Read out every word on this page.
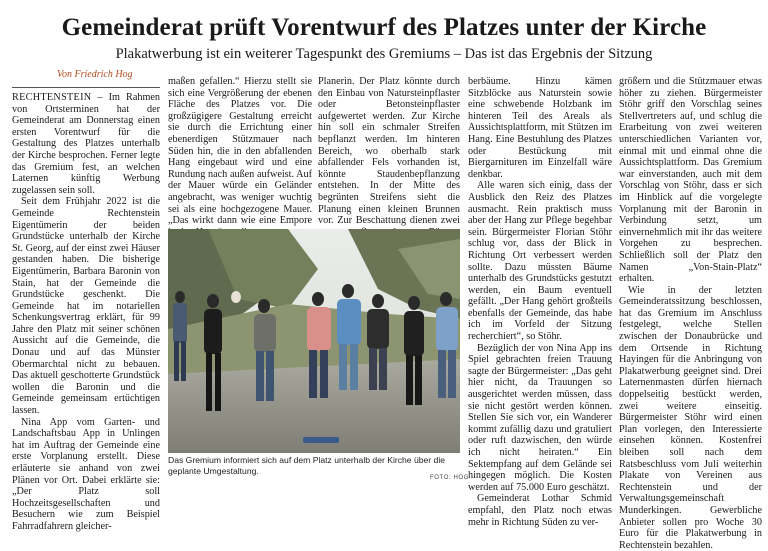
Gemeinderat prüft Vorentwurf des Platzes unter der Kirche
Plakatwerbung ist ein weiterer Tagespunkt des Gremiums – Das ist das Ergebnis der Sitzung
Von Friedrich Hog

RECHTENSTEIN – Im Rahmen von Ortsterminen hat der Gemeinderat am Donnerstag einen ersten Vorentwurf für die Gestaltung des Platzes unterhalb der Kirche besprochen. Ferner legte das Gremium fest, an welchen Laternen künftig Werbung zugelassen sein soll.

Seit dem Frühjahr 2022 ist die Gemeinde Rechtenstein Eigentümerin der beiden Grundstücke unterhalb der Kirche St. Georg, auf der einst zwei Häuser gestanden haben. Die bisherige Eigentümerin, Barbara Baronin von Stain, hat der Gemeinde die Grundstücke geschenkt. Die Gemeinde hat im notariellen Schenkungsvertrag erklärt, für 99 Jahre den Platz mit seiner schönen Aussicht auf die Gemeinde, die Donau und auf das Münster Obermarchtal nicht zu bebauen. Das aktuell geschotterte Grundstück wollen die Baronin und die Gemeinde gemeinsam ertüchtigen lassen.

Nina App vom Garten- und Landschaftsbau App in Unlingen hat im Auftrag der Gemeinde eine erste Vorplanung erstellt. Diese erläuterte sie anhand von zwei Plänen vor Ort. Dabei erklärte sie: „Der Platz soll Hochzeitsgesellschaften und Besuchern wie zum Beispiel Fahrradfahrern gleicher-

maßen gefallen.“ Hierzu stellt sie sich eine Vergrößerung der ebenen Fläche des Platzes vor. Die großzügigere Gestaltung erreicht sie durch die Errichtung einer ebenerdigen Stützmauer nach Süden hin, die in den abfallenden Hang eingebaut wird und eine Rundung nach außen aufweist. Auf der Mauer würde ein Geländer angebracht, was weniger wuchtig sei als eine hochgezogene Mauer. „Das wirkt dann wie eine Empore

Planerin. Der Platz könnte durch den Einbau von Natursteinpflaster oder Betonsteinpflaster aufgewertet werden. Zur Kirche hin soll ein schmaler Streifen bepflanzt werden. Im hinteren Bereich, wo oberhalb stark abfallender Fels vorhanden ist, könnte Staudenbepflanzung entstehen. In der Mitte des begrünten Streifens sieht die Planung einen kleinen Brunnen vor. Zur Beschattung dienen zwei

berbäume. Hinzu kämen Sitzblöcke aus Naturstein sowie eine schwebende Holzbank im hinteren Teil des Areals als Aussichtsplattform, mit Stützen im Hang. Eine Bestuhlung des Platzes oder Bestückung mit Biergarnituren im Einzelfall wäre denkbar.

Alle waren sich einig, dass der Ausblick den Reiz des Platzes ausmacht. Rein praktisch muss aber der Hang zur Pflege begehbar sein. Bürgermeister Florian Stöhr schlug vor, dass der Blick in Richtung Ort verbessert werden sollte. Dazu müssten Bäume unterhalb des Grundstücks gestutzt werden, ein Baum eventuell gefällt. „Der Hang gehört großteils ebenfalls der Gemeinde, das habe ich im Vorfeld der Sitzung recherchiert“, so Stöhr.

Bezüglich der von Nina App ins Spiel gebrachten freien Trauung sagte der Bürgermeister: „Das geht hier nicht, da Trauungen so ausgerichtet werden müssen, dass sie nicht gestört werden können. Stellen Sie sich vor, ein Wanderer kommt zufällig dazu und gratuliert oder ruft dazwischen, den würde ich nicht heiraten.“ Ein Sektempfang auf dem Gelände sei hingegen möglich. Die Kosten werden auf 75.000 Euro geschätzt.

Gemeinderat Lothar Schmid empfahl, den Platz noch etwas mehr in Richtung Süden zu ver-

größern und die Stützmauer etwas höher zu ziehen. Bürgermeister Stöhr griff den Vorschlag seines Stellvertreters auf, und schlug die Erarbeitung von zwei weiteren unterschiedlichen Varianten vor, einmal mit und einmal ohne die Aussichtsplattform. Das Gremium war einverstanden, auch mit dem Vorschlag von Stöhr, dass er sich im Hinblick auf die vorgelegte Vorplanung mit der Baronin in Verbindung setzt, um einvernehmlich mit ihr das weitere Vorgehen zu besprechen. Schließlich soll der Platz den Namen „Von-Stain-Platz“ erhalten.

Wie in der letzten Gemeinderatssitzung beschlossen, hat das Gremium im Anschluss festgelegt, welche Stellen zwischen der Donaubrücke und dem Ortsende in Richtung Hayingen für die Anbringung von Plakatwerbung geeignet sind. Drei Laternenmasten dürfen hiernach doppelseitig bestückt werden, zwei weitere einseitig. Bürgermeister Stöhr wird einen Plan vorlegen, den Interessierte einsehen können. Kostenfrei bleiben soll nach dem Ratsbeschluss vom Juli weiterhin Plakate von Vereinen aus Rechtenstein und der Verwaltungsgemeinschaft Munderkingen. Gewerbliche Anbieter sollen pro Woche 30 Euro für die Plakatwerbung in Rechtenstein bezahlen.

Das Gremium informiert sich auf dem Platz unterhalb der Kirche über die geplante Umgestaltung.
FOTO: HOG
